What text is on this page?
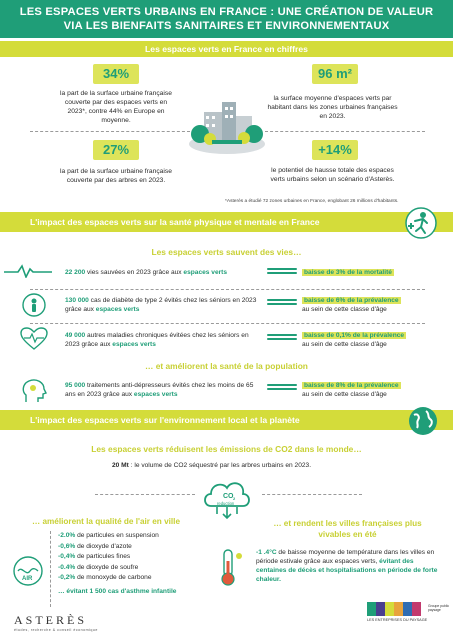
LES ESPACES VERTS URBAINS EN FRANCE : UNE CRÉATION DE VALEUR
VIA LES BIENFAITS SANITAIRES ET ENVIRONNEMENTAUX
Les espaces verts en France en chiffres
34%
la part de la surface urbaine française couverte par des espaces verts en 2023*, contre 44% en Europe en moyenne.
96 m²
la surface moyenne d'espaces verts par habitant dans les zones urbaines françaises en 2023.
27%
la part de la surface urbaine française couverte par des arbres en 2023.
+14%
le potentiel de hausse totale des espaces verts urbains selon un scénario d'Asterès.
*Asterès a étudié 72 zones urbaines en France, englobant 26 millions d'habitants.
L'impact des espaces verts sur la santé physique et mentale en France
Les espaces verts sauvent des vies…
22 200 vies sauvées en 2023 grâce aux espaces verts	baisse de 3% de la mortalité
130 000 cas de diabète de type 2 évités chez les séniors en 2023 grâce aux espaces verts
baisse de 6% de la prévalence
au sein de cette classe d'âge
49 000 autres maladies chroniques évitées chez les séniors en 2023 grâce aux espaces verts
baisse de 0,1% de la prévalence
au sein de cette classe d'âge
… et améliorent la santé de la population
95 000 traitements anti-dépresseurs évités chez les moins de 65 ans en 2023 grâce aux espaces verts
baisse de 8% de la prévalence
au sein de cette classe d'âge
L'impact des espaces verts sur l'environnement local et la planète
Les espaces verts réduisent les émissions de CO2 dans le monde…
20 Mt : le volume de CO2 séquestré par les arbres urbains en 2023.
CO 2
reduction
… améliorent la qualité de l'air en ville
AIR
-2.0% de particules en suspension
-0,6% de dioxyde d'azote
-0,4% de particules fines
-0.4% de dioxyde de soufre
-0,2% de monoxyde de carbone
… évitant 1 500 cas d'asthme infantile
… et rendent les villes françaises plus
vivables en été
-1 .4°C de baisse moyenne de température dans les villes en période estivale grâce aux espaces verts, évitant des centaines de décès et hospitalisations en période de forte chaleur.
ASTERÈS
études, recherche & conseil économique
LES ENTREPRISES DU PAYSAGE
Groupe public paysage
